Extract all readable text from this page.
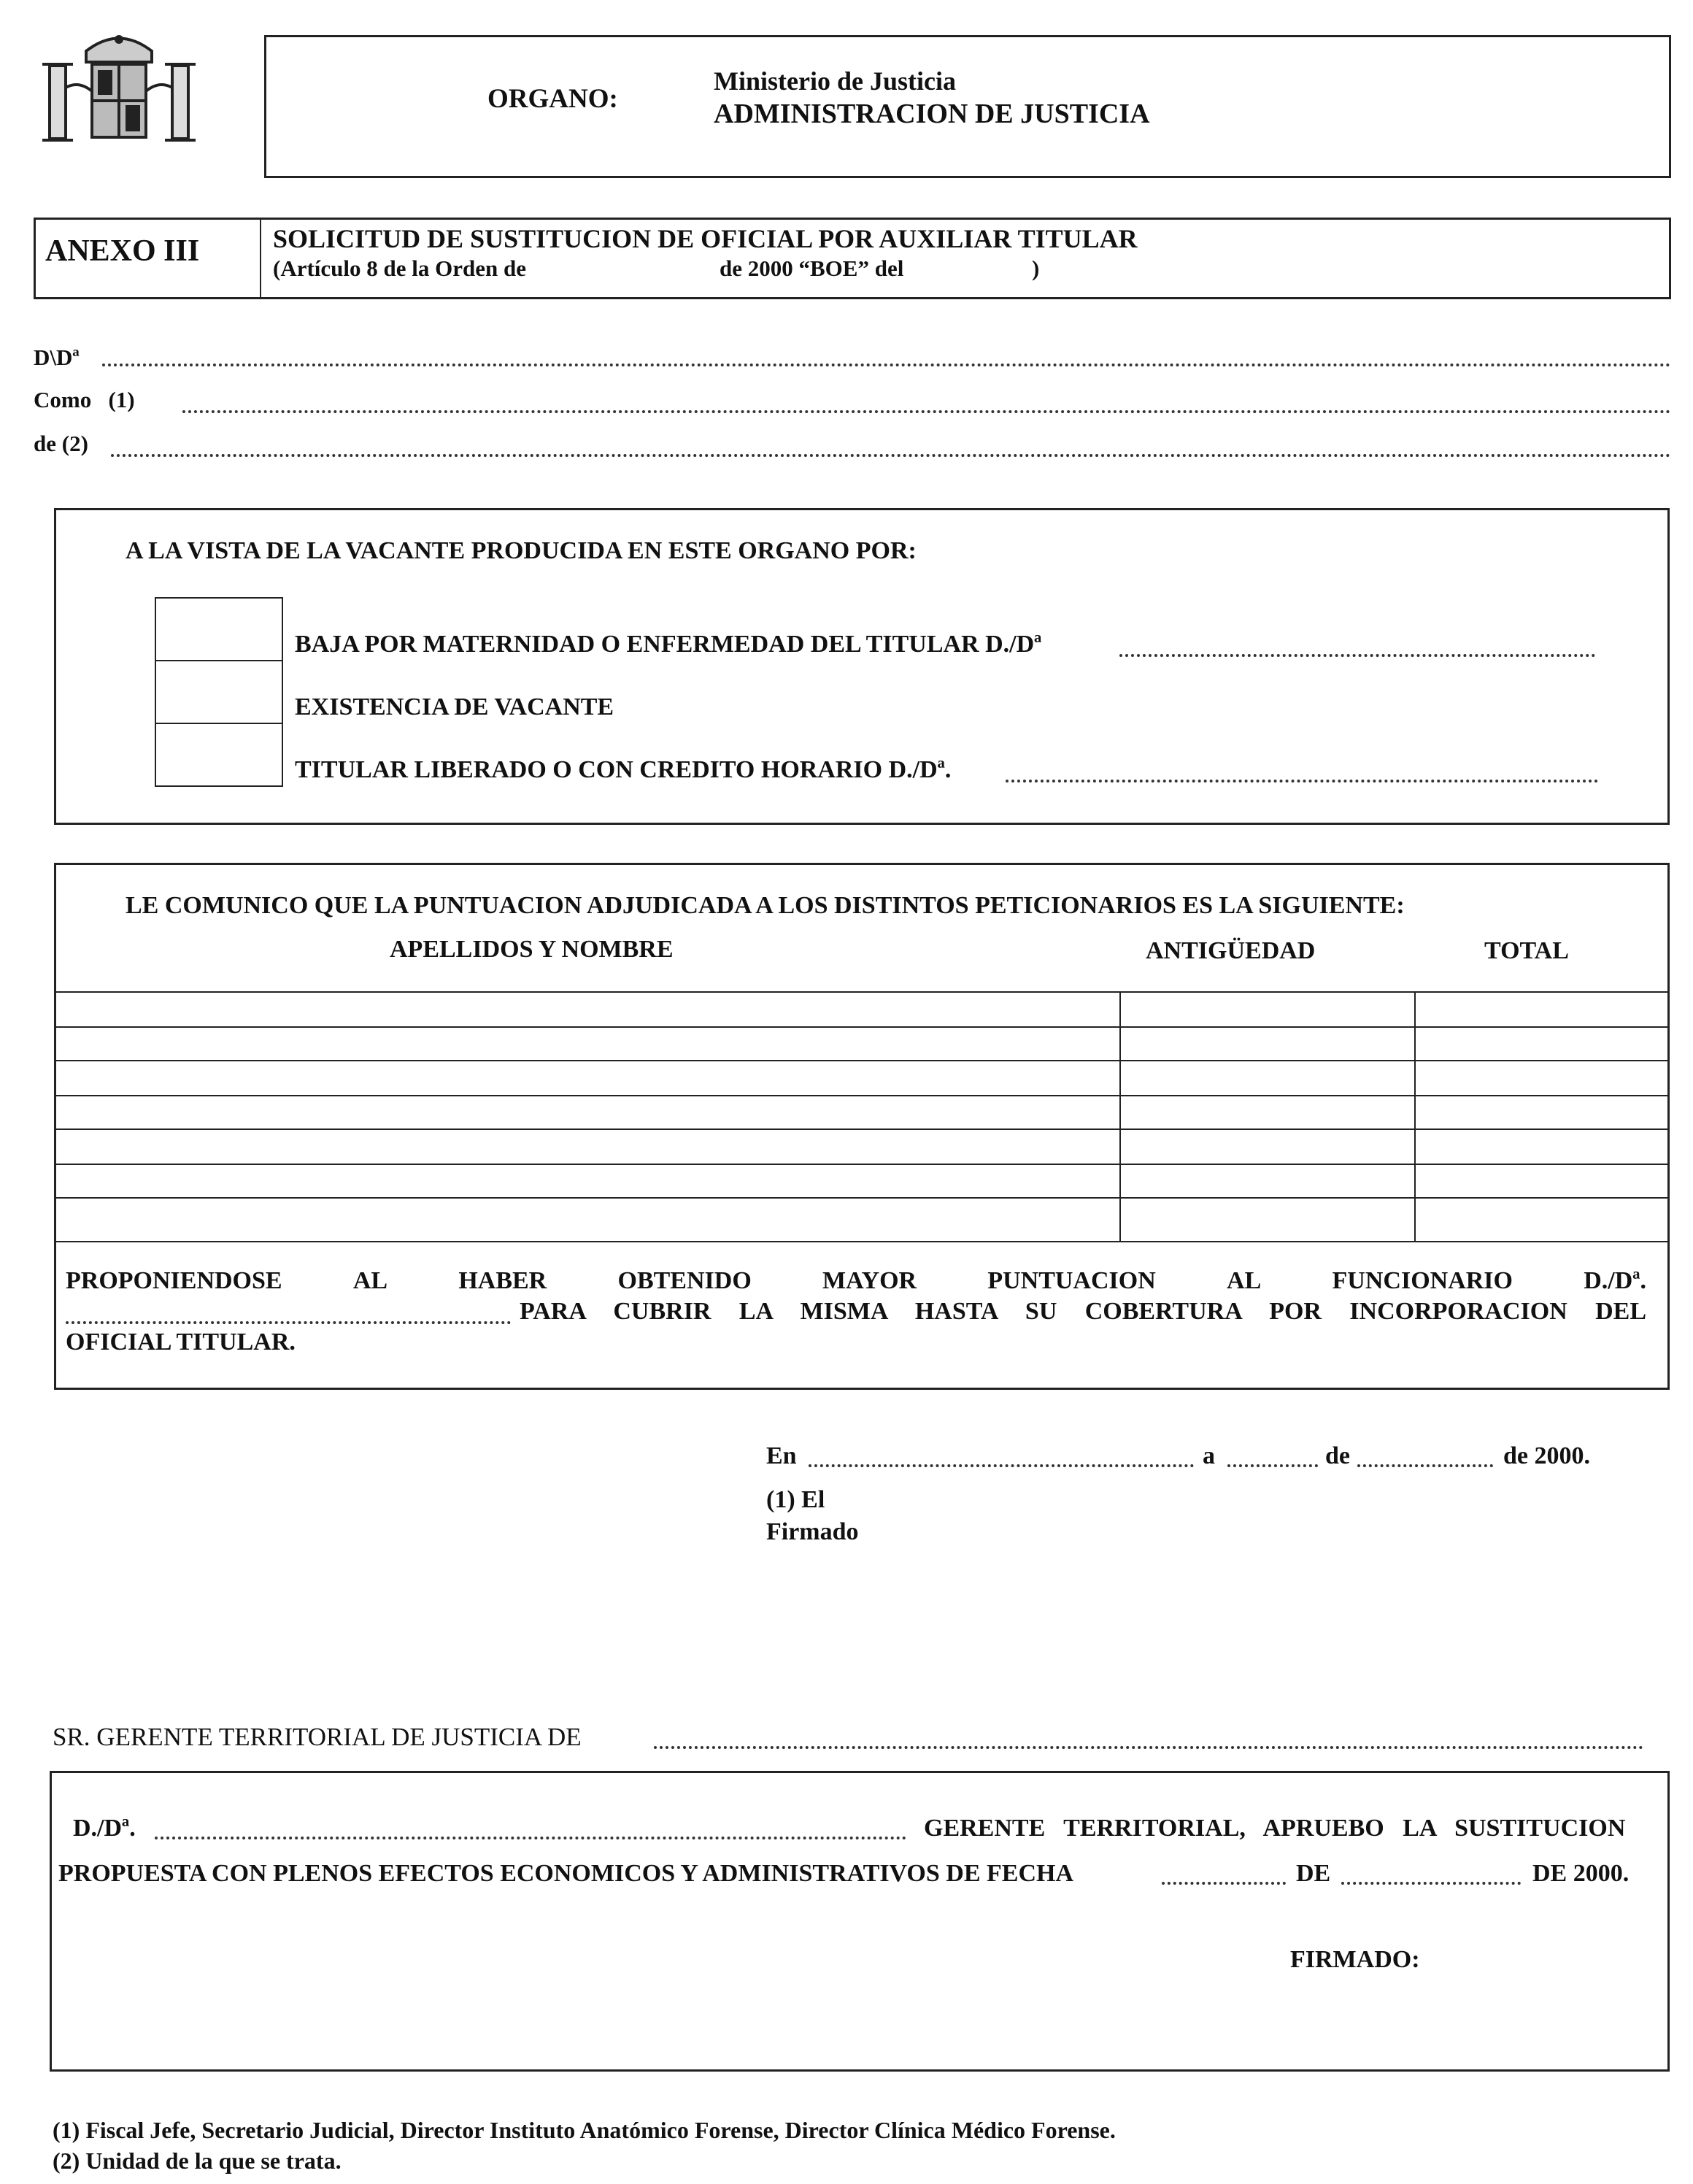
ORGANO:
Ministerio de Justicia
ADMINISTRACION DE JUSTICIA
ANEXO III	SOLICITUD DE SUSTITUCION DE OFICIAL POR AUXILIAR TITULAR
(Artículo 8 de la Orden de	de 2000 “BOE” del	)
D\Dª
Como   (1)
de (2)
A LA VISTA DE LA VACANTE PRODUCIDA EN ESTE ORGANO POR:
BAJA POR MATERNIDAD O ENFERMEDAD DEL TITULAR D./Dª
EXISTENCIA DE VACANTE
TITULAR LIBERADO O CON CREDITO HORARIO D./Dª.
LE COMUNICO QUE LA PUNTUACION ADJUDICADA A LOS DISTINTOS PETICIONARIOS ES LA SIGUIENTE:
APELLIDOS Y NOMBRE	ANTIGÜEDAD	TOTAL
PROPONIENDOSE	AL	HABER	OBTENIDO	MAYOR	PUNTUACION	AL	FUNCIONARIO	D./Dª.
PARA CUBRIR LA MISMA HASTA SU COBERTURA POR INCORPORACION DEL
OFICIAL TITULAR.
En	a	de	de 2000.
(1) El
Firmado
SR. GERENTE TERRITORIAL DE JUSTICIA DE
D./Dª.	GERENTE   TERRITORIAL,   APRUEBO   LA   SUSTITUCION
PROPUESTA CON PLENOS EFECTOS ECONOMICOS Y ADMINISTRATIVOS DE FECHA	DE	DE 2000.
FIRMADO:
(1) Fiscal Jefe, Secretario Judicial, Director Instituto Anatómico Forense, Director Clínica Médico Forense.
(2) Unidad de la que se trata.
